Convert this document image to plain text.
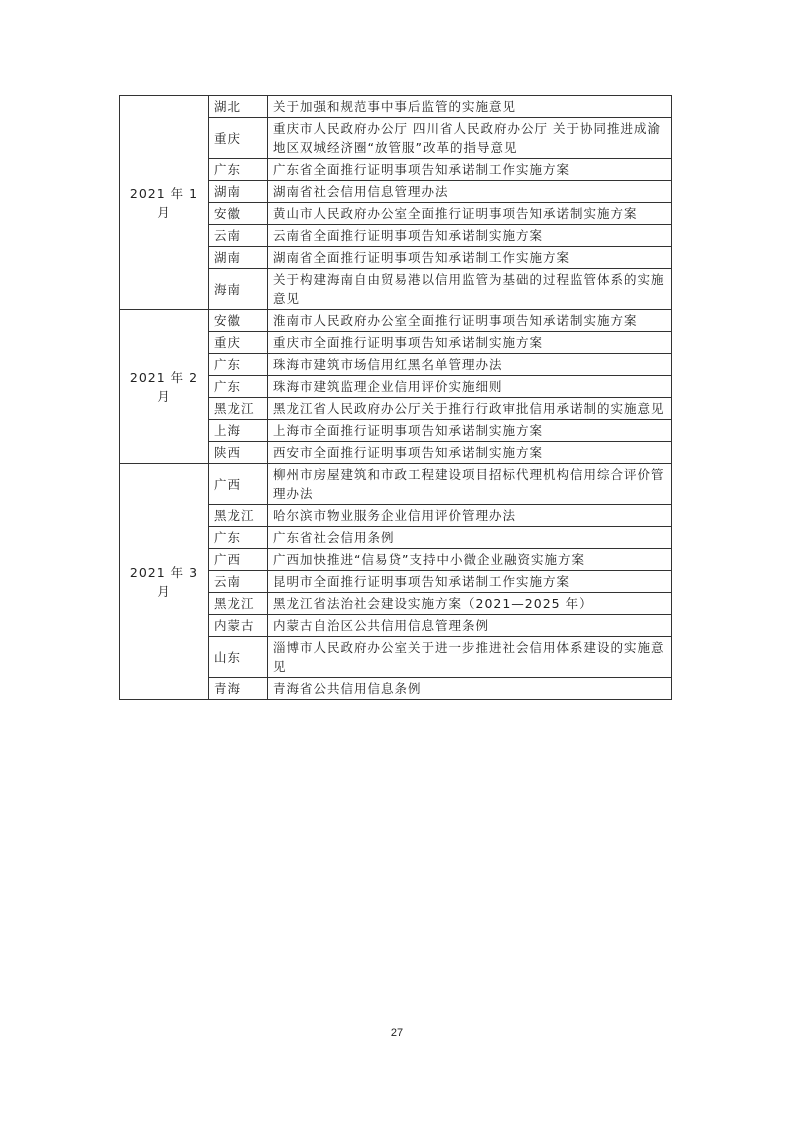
2021 年 1 月	湖北	关于加强和规范事中事后监管的实施意见
	重庆	重庆市人民政府办公厅 四川省人民政府办公厅 关于协同推进成渝地区双城经济圈“放管服”改革的指导意见
	广东	广东省全面推行证明事项告知承诺制工作实施方案
	湖南	湖南省社会信用信息管理办法
	安徽	黄山市人民政府办公室全面推行证明事项告知承诺制实施方案
	云南	云南省全面推行证明事项告知承诺制实施方案
	湖南	湖南省全面推行证明事项告知承诺制工作实施方案
	海南	关于构建海南自由贸易港以信用监管为基础的过程监管体系的实施意见
2021 年 2 月	安徽	淮南市人民政府办公室全面推行证明事项告知承诺制实施方案
	重庆	重庆市全面推行证明事项告知承诺制实施方案
	广东	珠海市建筑市场信用红黑名单管理办法
	广东	珠海市建筑监理企业信用评价实施细则
	黑龙江	黑龙江省人民政府办公厅关于推行行政审批信用承诺制的实施意见
	上海	上海市全面推行证明事项告知承诺制实施方案
	陕西	西安市全面推行证明事项告知承诺制实施方案
2021 年 3 月	广西	柳州市房屋建筑和市政工程建设项目招标代理机构信用综合评价管理办法
	黑龙江	哈尔滨市物业服务企业信用评价管理办法
	广东	广东省社会信用条例
	广西	广西加快推进“信易贷”支持中小微企业融资实施方案
	云南	昆明市全面推行证明事项告知承诺制工作实施方案
	黑龙江	黑龙江省法治社会建设实施方案（2021—2025 年）
	内蒙古	内蒙古自治区公共信用信息管理条例
	山东	淄博市人民政府办公室关于进一步推进社会信用体系建设的实施意见
	青海	青海省公共信用信息条例
27
